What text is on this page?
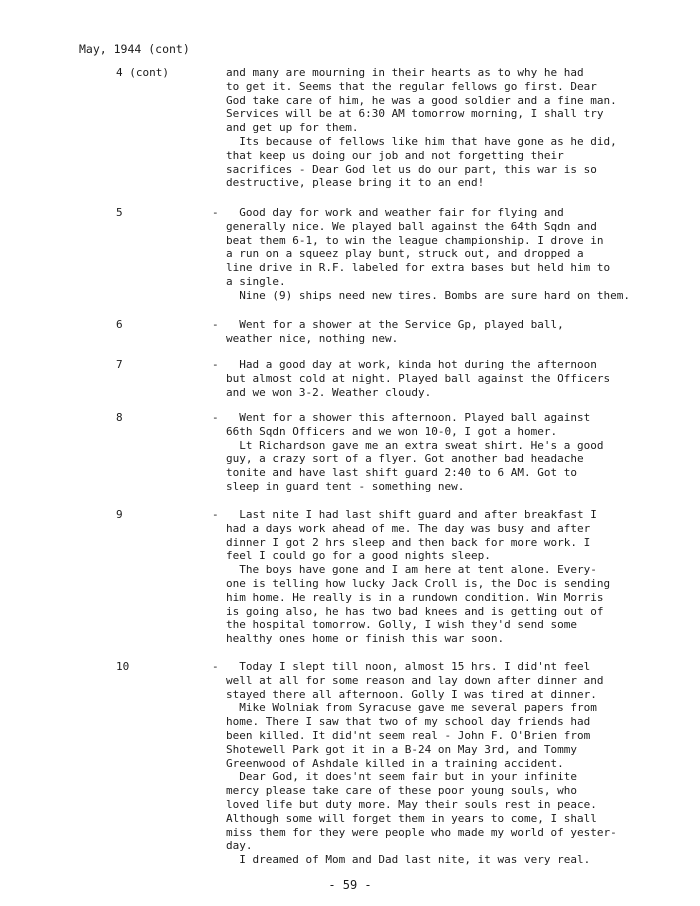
May, 1944 (cont)
4 (cont)	and many are mourning in their hearts as to why he had
to get it. Seems that the regular fellows go first. Dear
God take care of him, he was a good soldier and a fine man.
Services will be at 6:30 AM tomorrow morning, I shall try
and get up for them.
Its because of fellows like him that have gone as he did,
that keep us doing our job and not forgetting their
sacrifices - Dear God let us do our part, this war is so
destructive, please bring it to an end!
5	- Good day for work and weather fair for flying and
generally nice. We played ball against the 64th Sqdn and
beat them 6-1, to win the league championship. I drove in
a run on a squeez play bunt, struck out, and dropped a
line drive in R.F. labeled for extra bases but held him to
a single.
Nine (9) ships need new tires. Bombs are sure hard on them.
6	- Went for a shower at the Service Gp, played ball,
weather nice, nothing new.
7	- Had a good day at work, kinda hot during the afternoon
but almost cold at night. Played ball against the Officers
and we won 3-2. Weather cloudy.
8	- Went for a shower this afternoon. Played ball against
66th Sqdn Officers and we won 10-0, I got a homer.
Lt Richardson gave me an extra sweat shirt. He's a good
guy, a crazy sort of a flyer. Got another bad headache
tonite and have last shift guard 2:40 to 6 AM. Got to
sleep in guard tent - something new.
9	- Last nite I had last shift guard and after breakfast I
had a days work ahead of me. The day was busy and after
dinner I got 2 hrs sleep and then back for more work. I
feel I could go for a good nights sleep.
The boys have gone and I am here at tent alone. Every-
one is telling how lucky Jack Croll is, the Doc is sending
him home. He really is in a rundown condition. Win Morris
is going also, he has two bad knees and is getting out of
the hospital tomorrow. Golly, I wish they'd send some
healthy ones home or finish this war soon.
10	- Today I slept till noon, almost 15 hrs. I did'nt feel
well at all for some reason and lay down after dinner and
stayed there all afternoon. Golly I was tired at dinner.
Mike Wolniak from Syracuse gave me several papers from
home. There I saw that two of my school day friends had
been killed. It did'nt seem real - John F. O'Brien from
Shotewell Park got it in a B-24 on May 3rd, and Tommy
Greenwood of Ashdale killed in a training accident.
Dear God, it does'nt seem fair but in your infinite
mercy please take care of these poor young souls, who
loved life but duty more. May their souls rest in peace.
Although some will forget them in years to come, I shall
miss them for they were people who made my world of yester-
day.
I dreamed of Mom and Dad last nite, it was very real.
- 59 -
